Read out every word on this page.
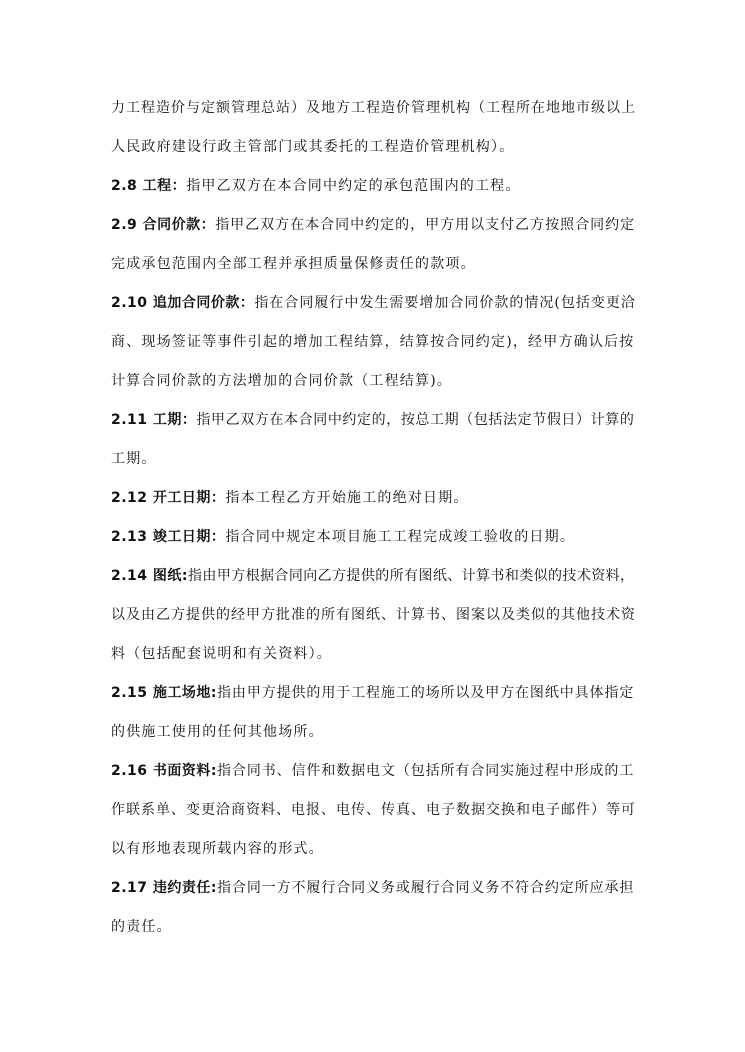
力工程造价与定额管理总站）及地方工程造价管理机构（工程所在地地市级以上
人民政府建设行政主管部门或其委托的工程造价管理机构）。
2.8 工程：指甲乙双方在本合同中约定的承包范围内的工程。
2.9 合同价款：指甲乙双方在本合同中约定的，甲方用以支付乙方按照合同约定
完成承包范围内全部工程并承担质量保修责任的款项。
2.10 追加合同价款：指在合同履行中发生需要增加合同价款的情况(包括变更洽
商、现场签证等事件引起的增加工程结算，结算按合同约定)，经甲方确认后按
计算合同价款的方法增加的合同价款（工程结算)。
2.11 工期：指甲乙双方在本合同中约定的，按总工期（包括法定节假日）计算的
工期。
2.12 开工日期：指本工程乙方开始施工的绝对日期。
2.13 竣工日期：指合同中规定本项目施工工程完成竣工验收的日期。
2.14 图纸:指由甲方根据合同向乙方提供的所有图纸、计算书和类似的技术资料，
以及由乙方提供的经甲方批准的所有图纸、计算书、图案以及类似的其他技术资
料（包括配套说明和有关资料）。
2.15 施工场地:指由甲方提供的用于工程施工的场所以及甲方在图纸中具体指定
的供施工使用的任何其他场所。
2.16 书面资料:指合同书、信件和数据电文（包括所有合同实施过程中形成的工
作联系单、变更洽商资料、电报、电传、传真、电子数据交换和电子邮件）等可
以有形地表现所载内容的形式。
2.17 违约责任:指合同一方不履行合同义务或履行合同义务不符合约定所应承担
的责任。
